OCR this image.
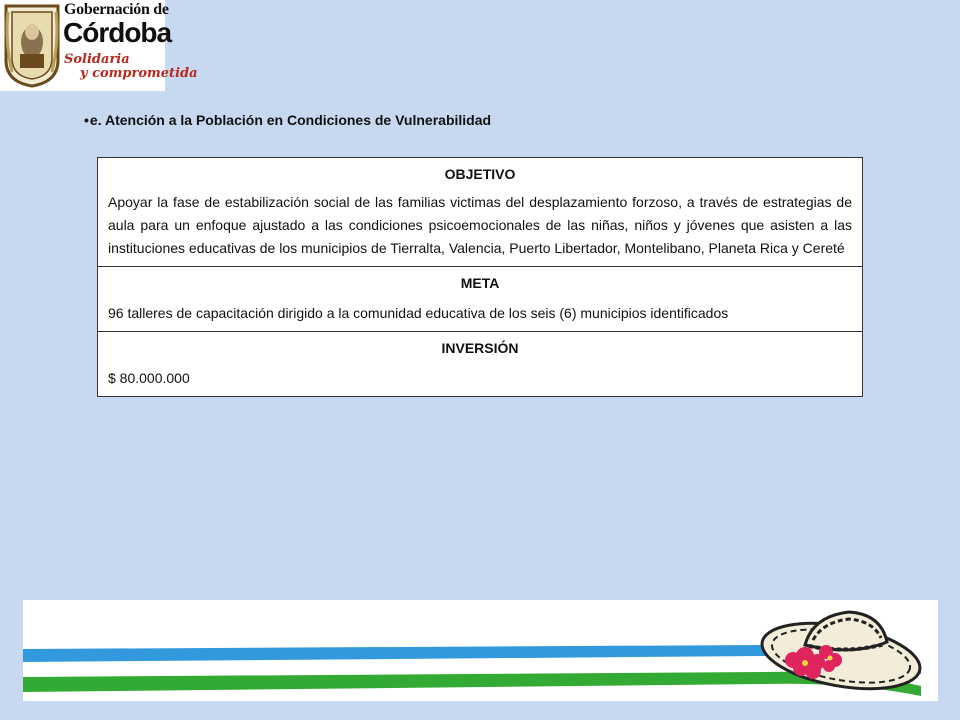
Gobernación de
Córdoba
Solidaria
y comprometida
•e. Atención a la Población en Condiciones de Vulnerabilidad
OBJETIVO
Apoyar la fase de estabilización social de las familias victimas del desplazamiento forzoso, a través de estrategias de aula para un enfoque ajustado a las condiciones psicoemocionales de las niñas, niños y jóvenes que asisten a las instituciones educativas de los municipios de Tierralta, Valencia, Puerto Libertador, Montelibano, Planeta Rica y Cereté

META
96 talleres de capacitación dirigido a la comunidad educativa de los seis (6) municipios identificados

INVERSIÓN
$ 80.000.000
